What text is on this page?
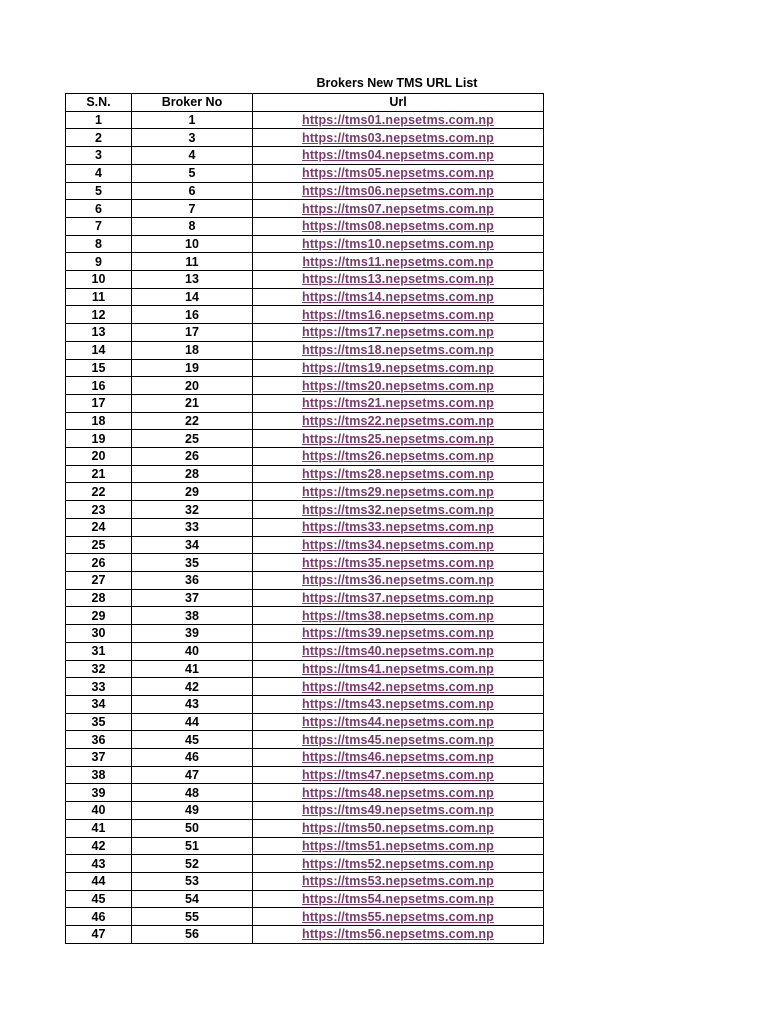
Brokers New TMS URL List
S.N.	Broker No	Url
1	1	https://tms01.nepsetms.com.np
2	3	https://tms03.nepsetms.com.np
3	4	https://tms04.nepsetms.com.np
4	5	https://tms05.nepsetms.com.np
5	6	https://tms06.nepsetms.com.np
6	7	https://tms07.nepsetms.com.np
7	8	https://tms08.nepsetms.com.np
8	10	https://tms10.nepsetms.com.np
9	11	https://tms11.nepsetms.com.np
10	13	https://tms13.nepsetms.com.np
11	14	https://tms14.nepsetms.com.np
12	16	https://tms16.nepsetms.com.np
13	17	https://tms17.nepsetms.com.np
14	18	https://tms18.nepsetms.com.np
15	19	https://tms19.nepsetms.com.np
16	20	https://tms20.nepsetms.com.np
17	21	https://tms21.nepsetms.com.np
18	22	https://tms22.nepsetms.com.np
19	25	https://tms25.nepsetms.com.np
20	26	https://tms26.nepsetms.com.np
21	28	https://tms28.nepsetms.com.np
22	29	https://tms29.nepsetms.com.np
23	32	https://tms32.nepsetms.com.np
24	33	https://tms33.nepsetms.com.np
25	34	https://tms34.nepsetms.com.np
26	35	https://tms35.nepsetms.com.np
27	36	https://tms36.nepsetms.com.np
28	37	https://tms37.nepsetms.com.np
29	38	https://tms38.nepsetms.com.np
30	39	https://tms39.nepsetms.com.np
31	40	https://tms40.nepsetms.com.np
32	41	https://tms41.nepsetms.com.np
33	42	https://tms42.nepsetms.com.np
34	43	https://tms43.nepsetms.com.np
35	44	https://tms44.nepsetms.com.np
36	45	https://tms45.nepsetms.com.np
37	46	https://tms46.nepsetms.com.np
38	47	https://tms47.nepsetms.com.np
39	48	https://tms48.nepsetms.com.np
40	49	https://tms49.nepsetms.com.np
41	50	https://tms50.nepsetms.com.np
42	51	https://tms51.nepsetms.com.np
43	52	https://tms52.nepsetms.com.np
44	53	https://tms53.nepsetms.com.np
45	54	https://tms54.nepsetms.com.np
46	55	https://tms55.nepsetms.com.np
47	56	https://tms56.nepsetms.com.np
